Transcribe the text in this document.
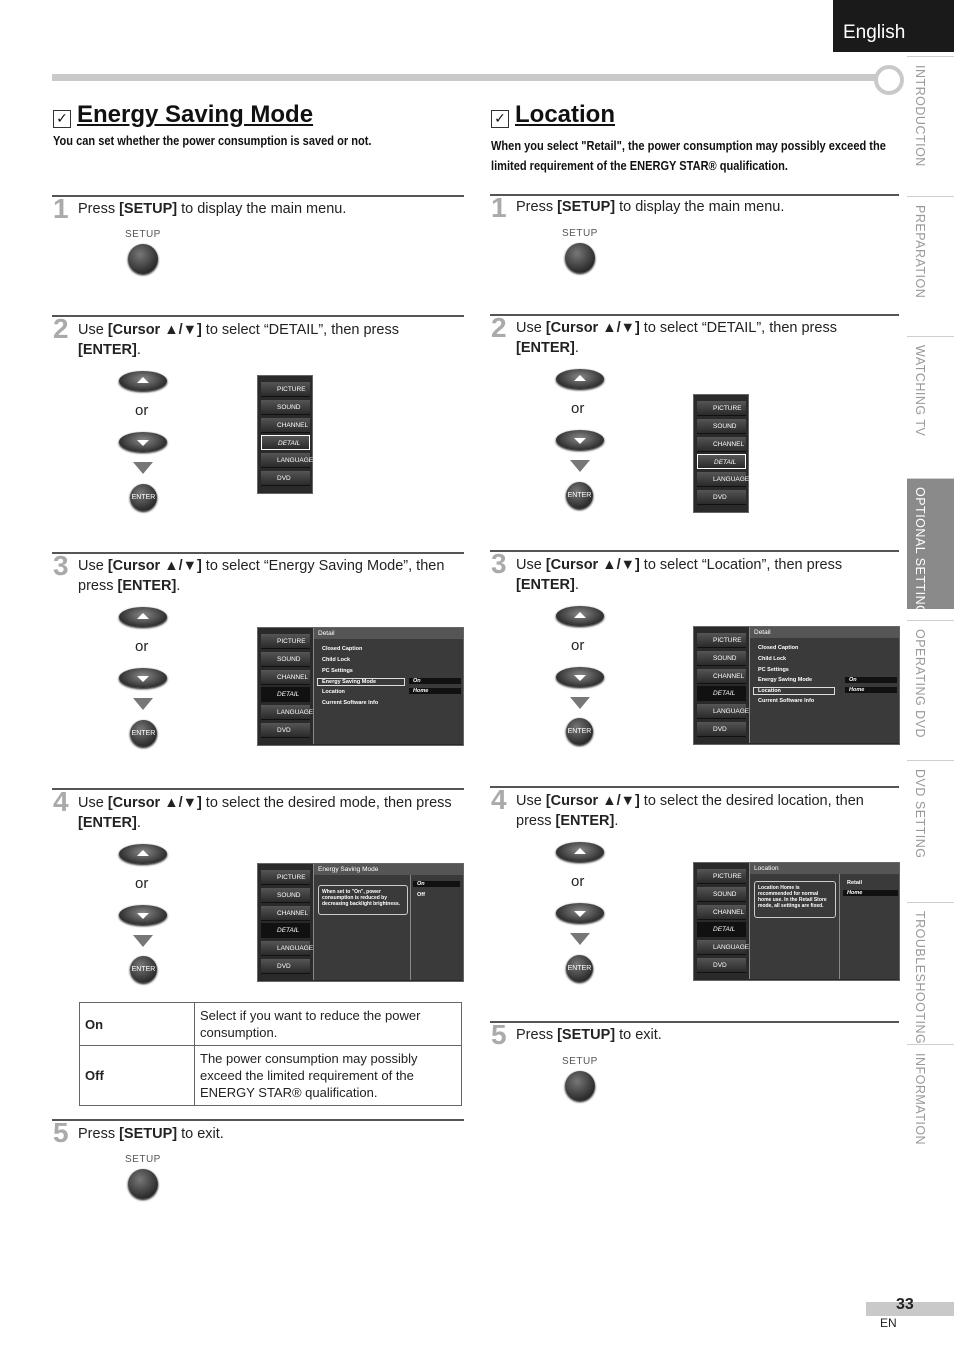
English
INTRODUCTION
PREPARATION
WATCHING TV
OPTIONAL SETTING
OPERATING DVD
DVD SETTING
TROUBLESHOOTING
INFORMATION
✓ Energy Saving Mode
You can set whether the power consumption is saved or not.
1 Press [SETUP] to display the main menu.
SETUP
2 Use [Cursor ▲/▼] to select “DETAIL”, then press [ENTER].
or
ENTER
PICTURE
SOUND
CHANNEL
DETAIL
LANGUAGE
DVD
3 Use [Cursor ▲/▼] to select “Energy Saving Mode”, then press [ENTER].
or
ENTER
PICTURE
SOUND
CHANNEL
DETAIL
LANGUAGE
DVD
Detail
Closed Caption
Child Lock
PC Settings
Energy Saving Mode
Location
Current Software Info
On
Home
4 Use [Cursor ▲/▼] to select the desired mode, then press [ENTER].
or
ENTER
PICTURE
SOUND
CHANNEL
DETAIL
LANGUAGE
DVD
Energy Saving Mode
When set to "On", power consumption is reduced by decreasing backlight brightness.
On
Off
On	Select if you want to reduce the power consumption.
Off	The power consumption may possibly exceed the limited requirement of the ENERGY STAR® qualification.
5 Press [SETUP] to exit.
SETUP
✓ Location
When you select "Retail", the power consumption may possibly exceed the limited requirement of the ENERGY STAR® qualification.
1 Press [SETUP] to display the main menu.
SETUP
2 Use [Cursor ▲/▼] to select “DETAIL”, then press [ENTER].
or
ENTER
PICTURE
SOUND
CHANNEL
DETAIL
LANGUAGE
DVD
3 Use [Cursor ▲/▼] to select “Location”, then press [ENTER].
or
ENTER
PICTURE
SOUND
CHANNEL
DETAIL
LANGUAGE
DVD
Detail
Closed Caption
Child Lock
PC Settings
Energy Saving Mode
Location
Current Software Info
On
Home
4 Use [Cursor ▲/▼] to select the desired location, then press [ENTER].
or
ENTER
PICTURE
SOUND
CHANNEL
DETAIL
LANGUAGE
DVD
Location
Location Home is recommended for normal home use. In the Retail Store mode, all settings are fixed.
Retail
Home
5 Press [SETUP] to exit.
SETUP
33
EN
